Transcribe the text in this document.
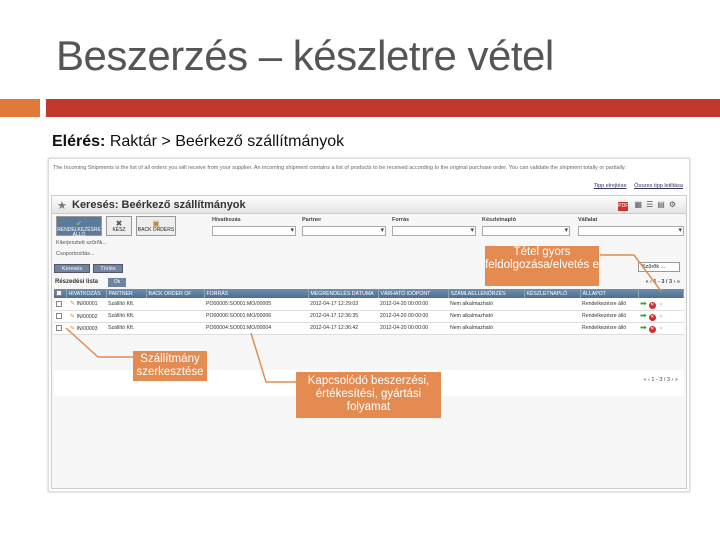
Beszerzés – készletre vétel
Elérés: Raktár > Beérkező szállítmányok
The Incoming Shipments is the list of all orders you will receive from your supplier. An incoming shipment contains a list of products to be received according to the original purchase order. You can validate the shipment totally or partially.
Tipp elrejtése Összes tipp letiltása
★ Keresés: Beérkező szállítmányok	PDF ▦☰▤⚙
✔
RENDELKEZÉSRE ÁLLÓ
✖
KÉSZ
▣
BACK ORDERS
Hivatkozás
▾	Partner
▾	Forrás
▾	Készletnapló
▾	Vállalat
▾
Kiterjesztett szűrők...
Csoportosítás...
Keresés	Törlés	Szűrők ...
Részedési lista	Ok	« ‹ 1 - 3 / 3 › »
	HIVATKOZÁS	PARTNER	BACK ORDER OF	FORRÁS	MEGRENDELÉS DÁTUMA	VÁRHATÓ IDŐPONT	SZÁMLAELLENŐRZÉS	KÉSZLETNAPLÓ	ÁLLAPOT	
	✎ IN/00001	Szállító Kft.		PO00005:SO001:MO/00005	2012-04-17 12:29:03	2012-04-20 00:00:00	Nem alkalmazható		Rendelkezésre álló	➡ ✕ ✕
	✎ IN/00002	Szállító Kft.		PO00006:SO001:MO/00006	2012-04-17 12:36:35	2012-04-20 00:00:00	Nem alkalmazható		Rendelkezésre álló	➡ ✕ ✕
	✎ IN/00003	Szállító Kft.		PO00004:SO001:MO/00004	2012-04-17 12:36:42	2012-04-20 00:00:00	Nem alkalmazható		Rendelkezésre álló	➡ ✕ ✕
« ‹ 1 - 3 / 3 › »
Tétel gyors feldolgozása/elvetés e
Szállítmány szerkesztése
Kapcsolódó beszerzési, értékesítési, gyártási folyamat
